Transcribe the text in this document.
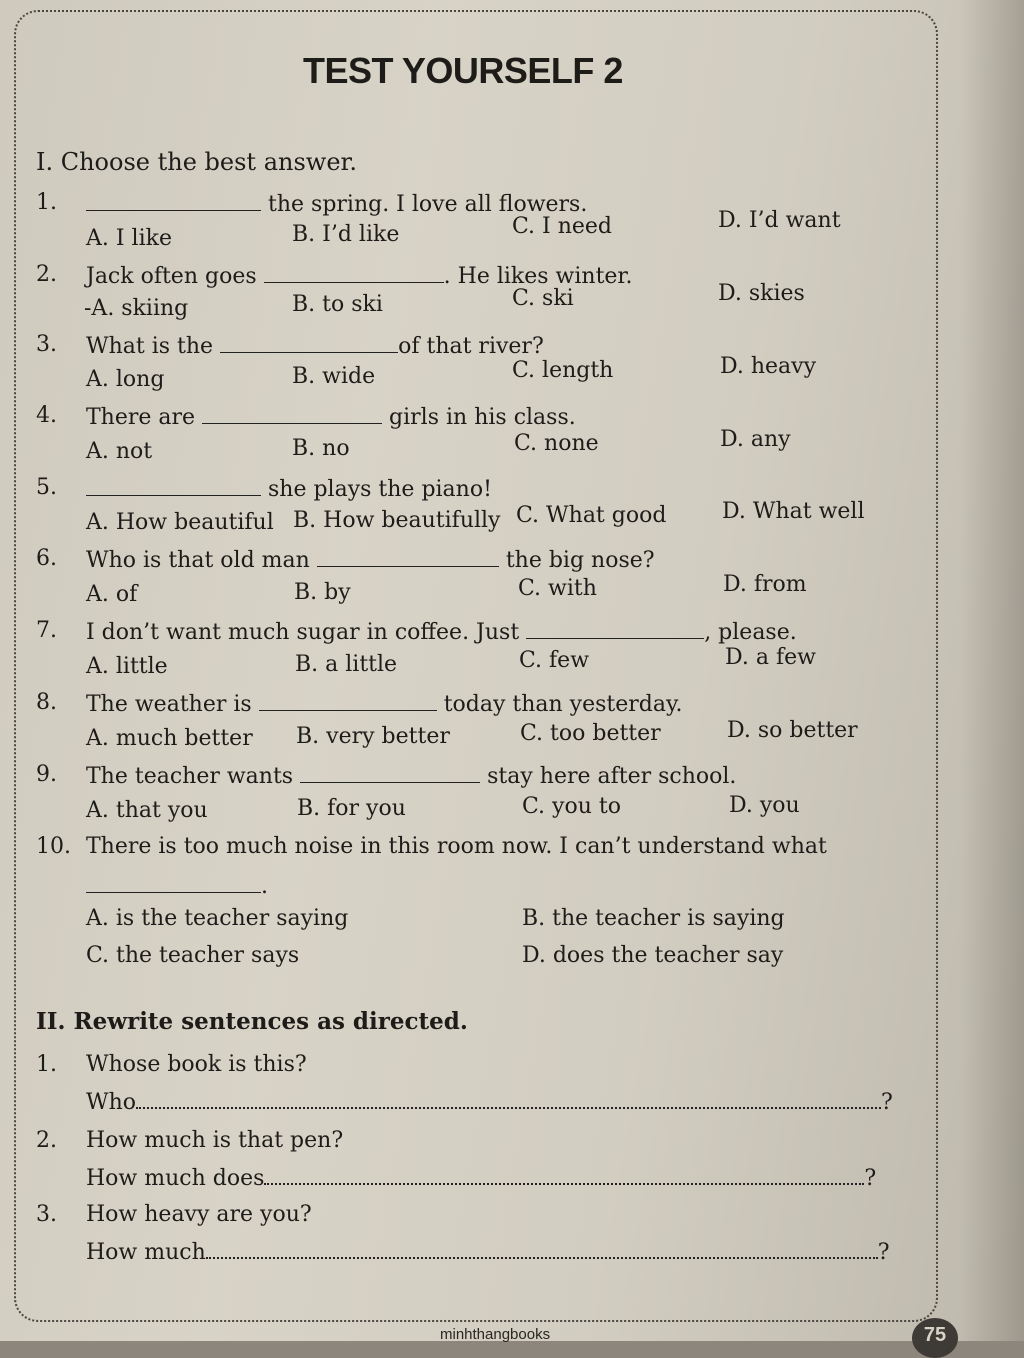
TEST YOURSELF 2
I. Choose the best answer.
1.	the spring. I love all flowers.
A. I like	B. I’d like	C. I need	D. I’d want
2. Jack often goes	. He likes winter.
-A. skiing	B. to ski	C. ski	D. skies
3. What is the	of that river?
A. long	B. wide	C. length	D. heavy
4. There are	girls in his class.
A. not	B. no	C. none	D. any
5.	she plays the piano!
A. How beautiful B. How beautifully C. What good	D. What well
6. Who is that old man	the big nose?
A. of	B. by	C. with	D. from
7. I don’t want much sugar in coffee. Just	, please.
A. little	B. a little	C. few	D. a few
8. The weather is	today than yesterday.
A. much better B. very better	C. too better	D. so better
9. The teacher wants	stay here after school.
A. that you	B. for you	C. you to	D. you
10. There is too much noise in this room now. I can’t understand what
.
A. is the teacher saying	B. the teacher is saying
C. the teacher says	D. does the teacher say
II. Rewrite sentences as directed.
1. Whose book is this?
Who	?
2. How much is that pen?
How much does	?
3. How heavy are you?
How much	?
minhthangbooks	75
